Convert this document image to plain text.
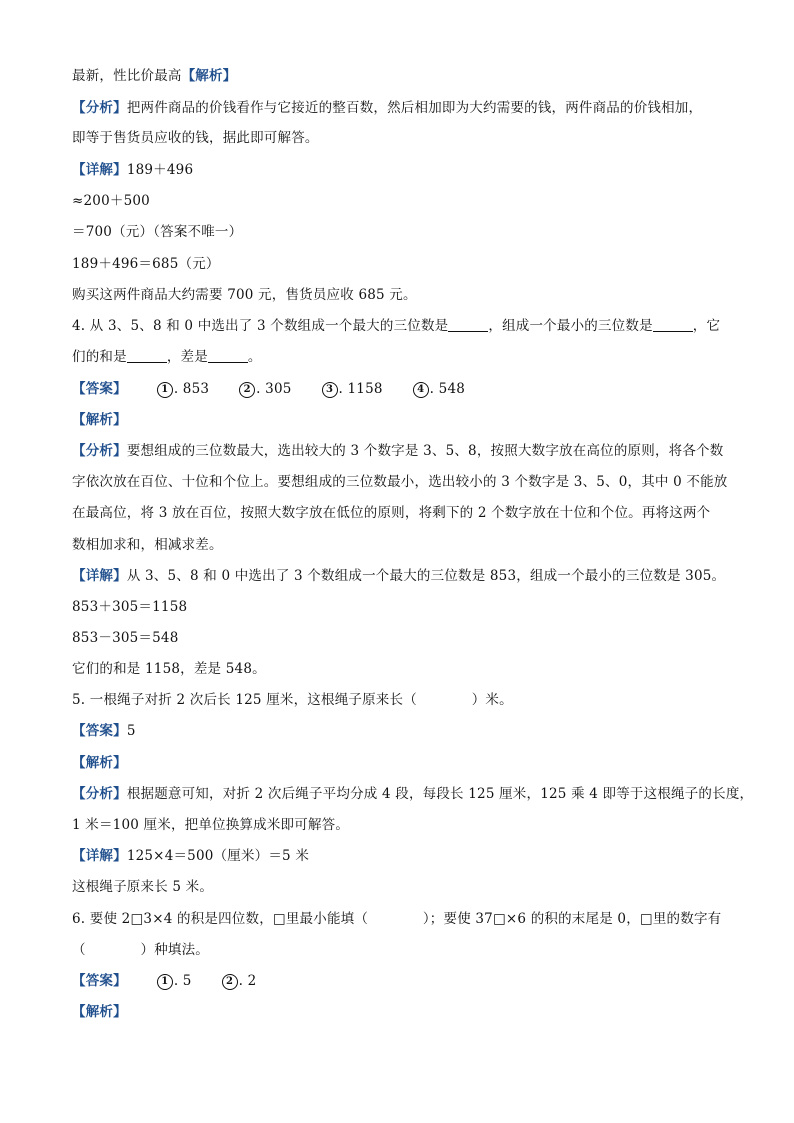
最新，性比价最高【解析】
【分析】把两件商品的价钱看作与它接近的整百数，然后相加即为大约需要的钱，两件商品的价钱相加，
即等于售货员应收的钱，据此即可解答。
【详解】189＋496
≈200＋500
＝700（元）（答案不唯一）
189＋496＝685（元）
购买这两件商品大约需要 700 元，售货员应收 685 元。
4. 从 3、5、8 和 0 中选出了 3 个数组成一个最大的三位数是	，组成一个最小的三位数是	，它
们的和是	，差是	。
【答案】	1 . 853	2 . 305	3 . 1158	4 . 548
【解析】
【分析】要想组成的三位数最大，选出较大的 3 个数字是 3、5、8，按照大数字放在高位的原则，将各个数
字依次放在百位、十位和个位上。要想组成的三位数最小，选出较小的 3 个数字是 3、5、0，其中 0 不能放
在最高位，将 3 放在百位，按照大数字放在低位的原则，将剩下的 2 个数字放在十位和个位。再将这两个
数相加求和，相减求差。
【详解】从 3、5、8 和 0 中选出了 3 个数组成一个最大的三位数是 853，组成一个最小的三位数是 305。
853＋305＝1158
853－305＝548
它们的和是 1158，差是 548。
5. 一根绳子对折 2 次后长 125 厘米，这根绳子原来长（　　　　）米。
【答案】5
【解析】
【分析】根据题意可知，对折 2 次后绳子平均分成 4 段，每段长 125 厘米，125 乘 4 即等于这根绳子的长度，
1 米＝100 厘米，把单位换算成米即可解答。
【详解】125×4＝500（厘米）＝5 米
这根绳子原来长 5 米。
6. 要使 2□3×4 的积是四位数，□里最小能填（　　　　）；要使 37□×6 的积的末尾是 0，□里的数字有
（　　　　）种填法。
【答案】	1 . 5	2 . 2
【解析】
